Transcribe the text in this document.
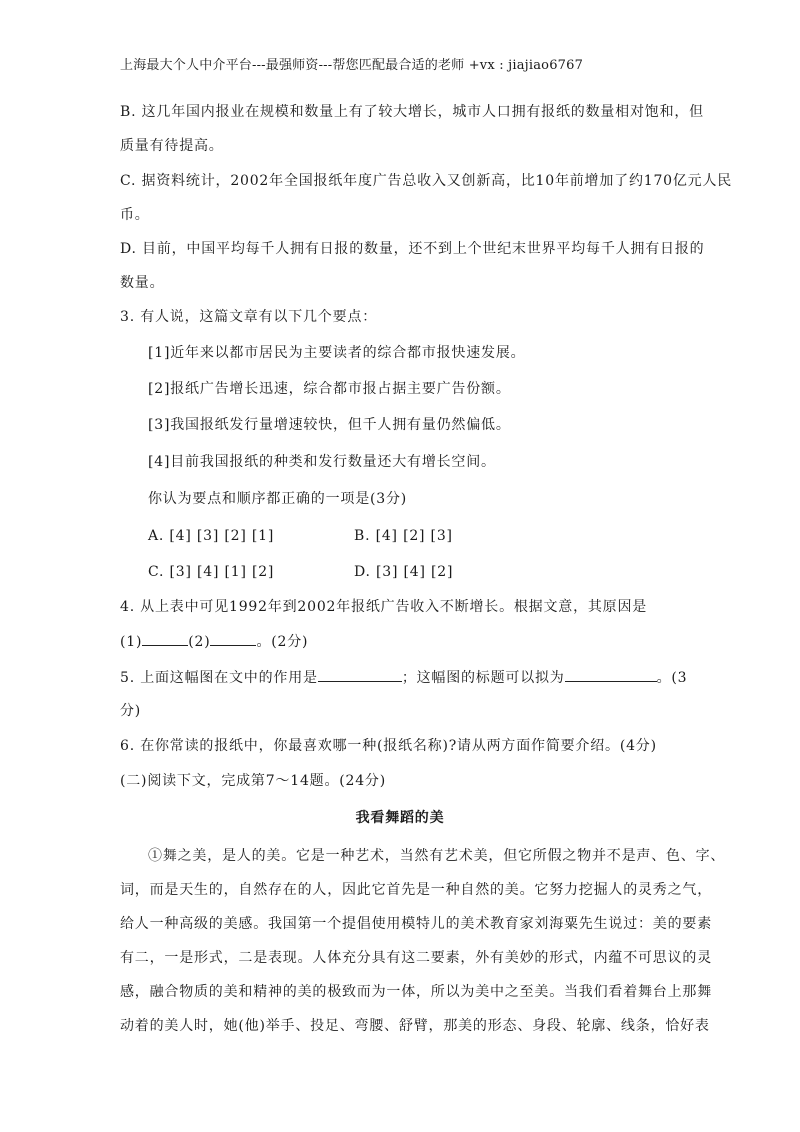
上海最大个人中介平台---最强师资---帮您匹配最合适的老师 +vx : jiajiao6767
B. 这几年国内报业在规模和数量上有了较大增长，城市人口拥有报纸的数量相对饱和，但
质量有待提高。
C. 据资料统计，2002年全国报纸年度广告总收入又创新高，比10年前增加了约170亿元人民
币。
D. 目前，中国平均每千人拥有日报的数量，还不到上个世纪末世界平均每千人拥有日报的
数量。
3. 有人说，这篇文章有以下几个要点：
[1]近年来以都市居民为主要读者的综合都市报快速发展。
[2]报纸广告增长迅速，综合都市报占据主要广告份额。
[3]我国报纸发行量增速较快，但千人拥有量仍然偏低。
[4]目前我国报纸的种类和发行数量还大有增长空间。
你认为要点和顺序都正确的一项是(3分)
A. [4] [3] [2] [1]	B. [4] [2] [3]
C. [3] [4] [1] [2]	D. [3] [4] [2]
4. 从上表中可见1992年到2002年报纸广告收入不断增长。根据文意，其原因是
(1)	(2)	。(2分)
5. 上面这幅图在文中的作用是	；这幅图的标题可以拟为	。(3
分)
6. 在你常读的报纸中，你最喜欢哪一种(报纸名称)?请从两方面作简要介绍。(4分)
(二)阅读下文，完成第7～14题。(24分)
我看舞蹈的美
①舞之美，是人的美。它是一种艺术，当然有艺术美，但它所假之物并不是声、色、字、
词，而是天生的，自然存在的人，因此它首先是一种自然的美。它努力挖掘人的灵秀之气，
给人一种高级的美感。我国第一个提倡使用模特儿的美术教育家刘海粟先生说过：美的要素
有二，一是形式，二是表现。人体充分具有这二要素，外有美妙的形式，内蕴不可思议的灵
感，融合物质的美和精神的美的极致而为一体，所以为美中之至美。当我们看着舞台上那舞
动着的美人时，她(他)举手、投足、弯腰、舒臂，那美的形态、身段、轮廓、线条，恰好表
